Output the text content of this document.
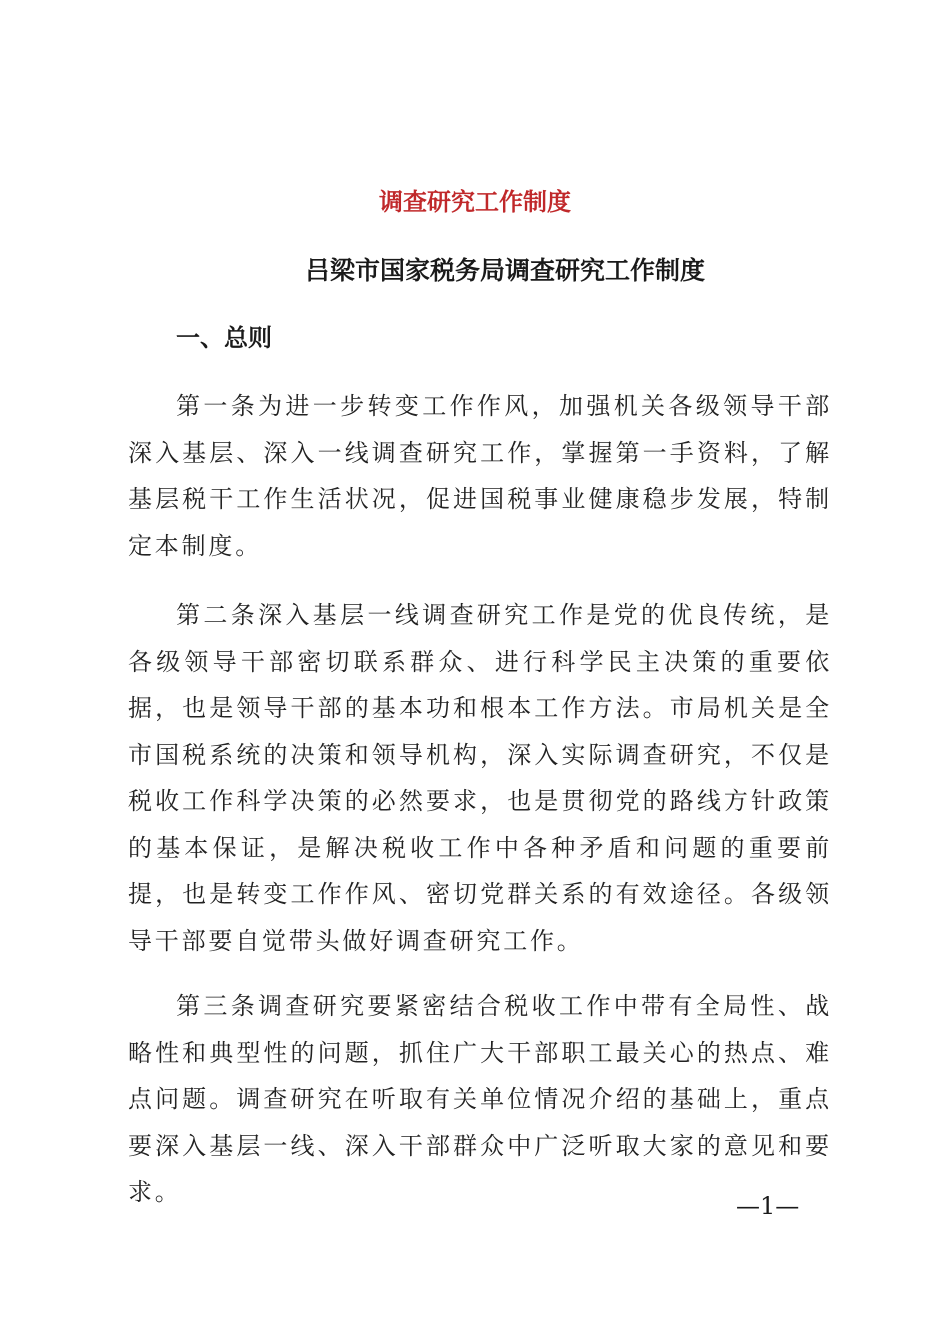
调查研究工作制度
吕梁市国家税务局调查研究工作制度
一、总则

第一条为进一步转变工作作风，加强机关各级领导干部深入基层、深入一线调查研究工作，掌握第一手资料，了解基层税干工作生活状况，促进国税事业健康稳步发展，特制定本制度。

第二条深入基层一线调查研究工作是党的优良传统，是各级领导干部密切联系群众、进行科学民主决策的重要依据，也是领导干部的基本功和根本工作方法。市局机关是全市国税系统的决策和领导机构，深入实际调查研究，不仅是税收工作科学决策的必然要求，也是贯彻党的路线方针政策的基本保证，是解决税收工作中各种矛盾和问题的重要前提，也是转变工作作风、密切党群关系的有效途径。各级领导干部要自觉带头做好调查研究工作。

第三条调查研究要紧密结合税收工作中带有全局性、战略性和典型性的问题，抓住广大干部职工最关心的热点、难点问题。调查研究在听取有关单位情况介绍的基础上，重点要深入基层一线、深入干部群众中广泛听取大家的意见和要求。	—1—
